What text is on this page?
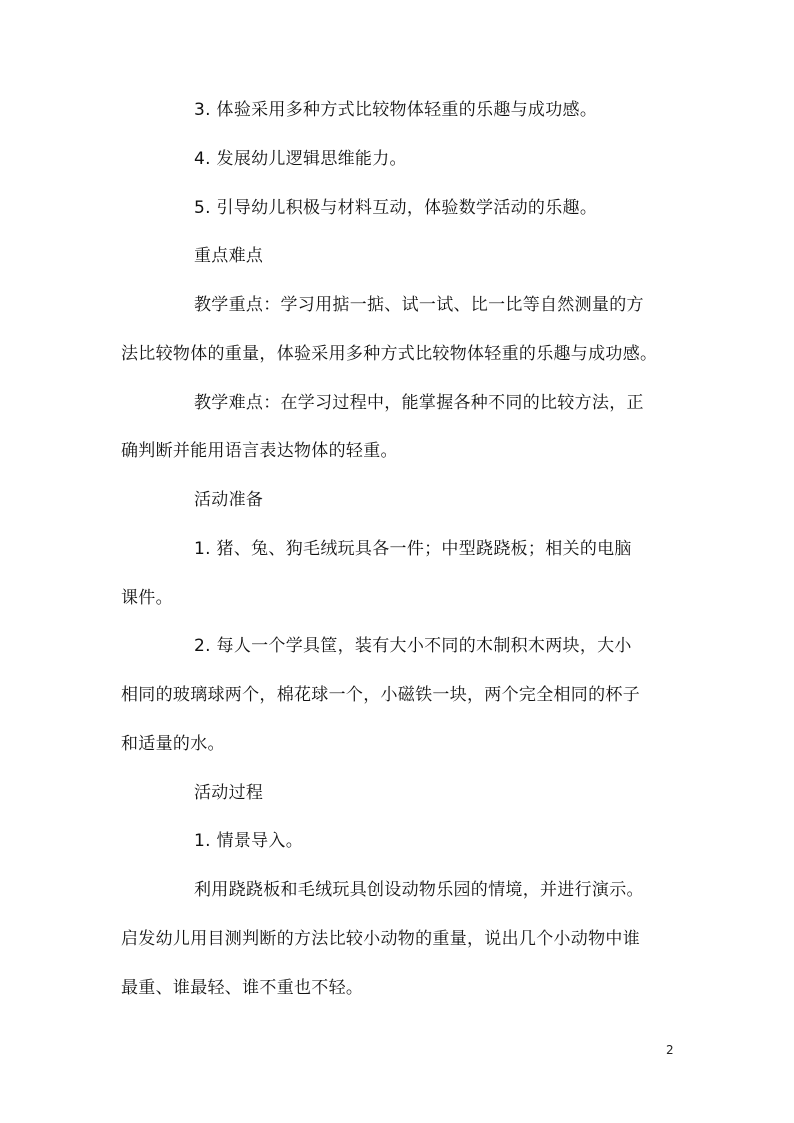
3. 体验采用多种方式比较物体轻重的乐趣与成功感。
4. 发展幼儿逻辑思维能力。
5. 引导幼儿积极与材料互动，体验数学活动的乐趣。
重点难点
教学重点：学习用掂一掂、试一试、比一比等自然测量的方
法比较物体的重量，体验采用多种方式比较物体轻重的乐趣与成功感。
教学难点：在学习过程中，能掌握各种不同的比较方法，正
确判断并能用语言表达物体的轻重。
活动准备
1. 猪、兔、狗毛绒玩具各一件；中型跷跷板；相关的电脑
课件。
2. 每人一个学具筐，装有大小不同的木制积木两块，大小
相同的玻璃球两个，棉花球一个，小磁铁一块，两个完全相同的杯子
和适量的水。
活动过程
1. 情景导入。
利用跷跷板和毛绒玩具创设动物乐园的情境，并进行演示。
启发幼儿用目测判断的方法比较小动物的重量，说出几个小动物中谁
最重、谁最轻、谁不重也不轻。
2
